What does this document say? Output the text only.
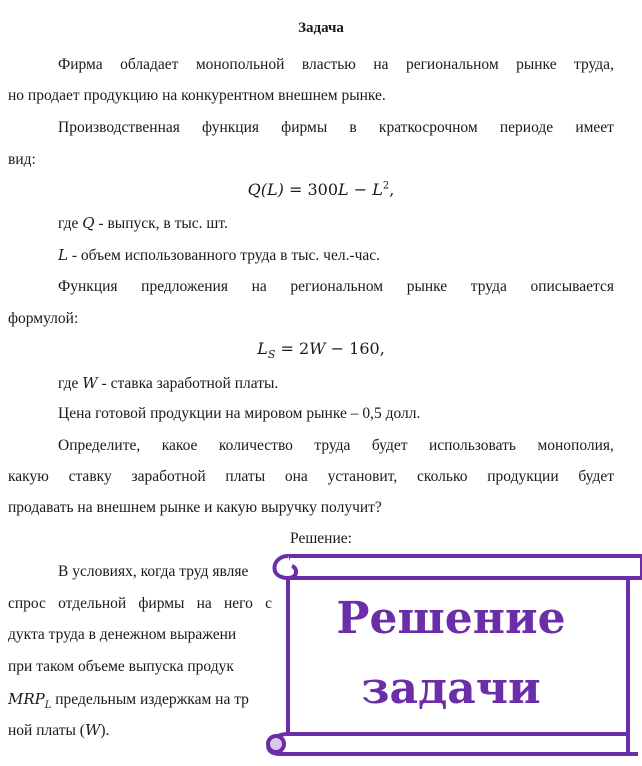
Задача
Фирма обладает монопольной властью на региональном рынке труда,
но продает продукцию на конкурентном внешнем рынке.
Производственная функция фирмы в краткосрочном периоде имеет
вид:
$Q(L) = 300L - L^2$,
где Q - выпуск, в тыс. шт.
L - объем использованного труда в тыс. чел.-час.
Функция предложения на региональном рынке труда описывается
формулой:
$L_S = 2W - 160$,
где W - ставка заработной платы.
Цена готовой продукции на мировом рынке – 0,5 долл.
Определите, какое количество труда будет использовать монополия,
какую ставку заработной платы она установит, сколько продукции будет
продавать на внешнем рынке и какую выручку получит?
Решение:
В условиях, когда труд являе
спрос отдельной фирмы на него с
дукта труда в денежном выражени
при таком объеме выпуска продук
$MRP_L$ предельным издержкам на тр
ной платы (W).
Решение
задачи
